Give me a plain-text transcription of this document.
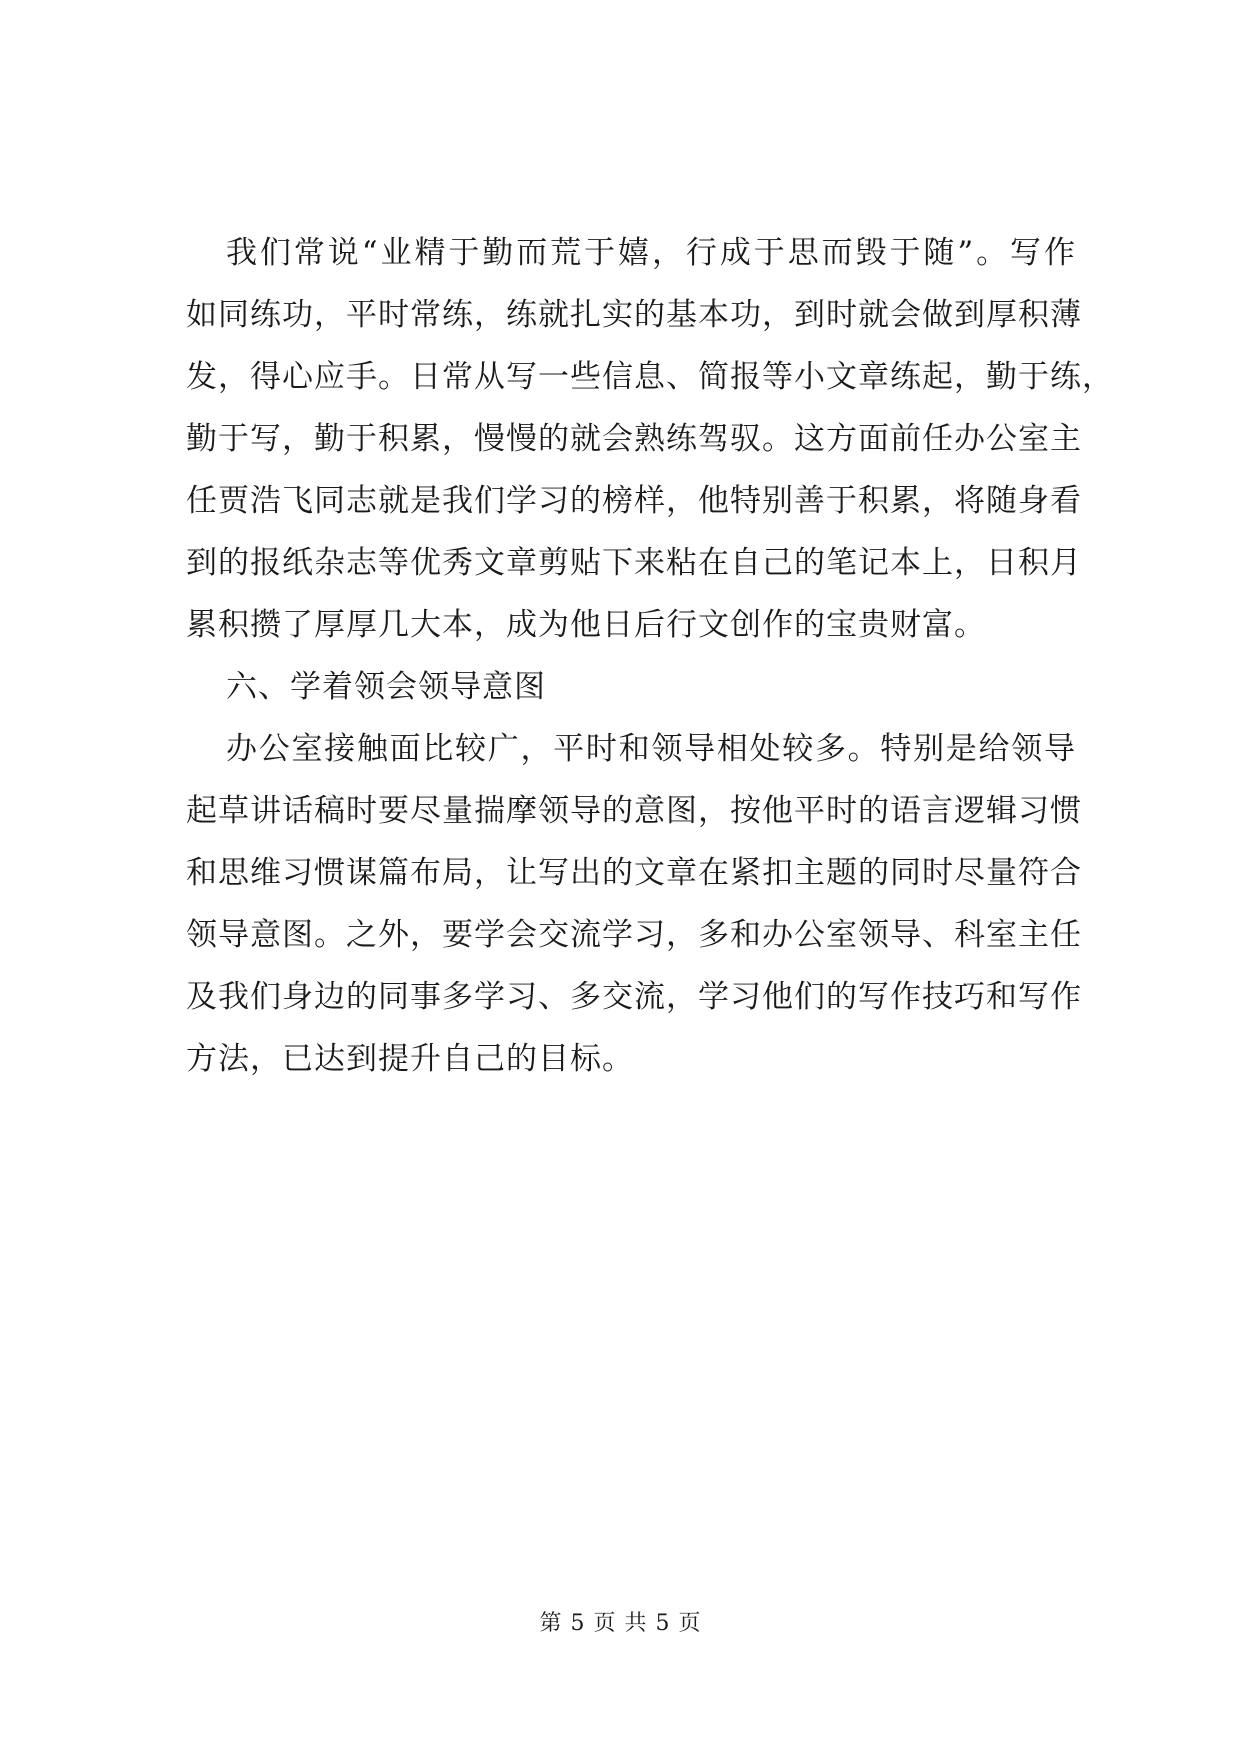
我们常说“业精于勤而荒于嬉，行成于思而毁于随”。写作
如同练功，平时常练，练就扎实的基本功，到时就会做到厚积薄
发，得心应手。日常从写一些信息、简报等小文章练起，勤于练，
勤于写，勤于积累，慢慢的就会熟练驾驭。这方面前任办公室主
任贾浩飞同志就是我们学习的榜样，他特别善于积累，将随身看
到的报纸杂志等优秀文章剪贴下来粘在自己的笔记本上，日积月
累积攒了厚厚几大本，成为他日后行文创作的宝贵财富。
六、学着领会领导意图
办公室接触面比较广，平时和领导相处较多。特别是给领导
起草讲话稿时要尽量揣摩领导的意图，按他平时的语言逻辑习惯
和思维习惯谋篇布局，让写出的文章在紧扣主题的同时尽量符合
领导意图。之外，要学会交流学习，多和办公室领导、科室主任
及我们身边的同事多学习、多交流，学习他们的写作技巧和写作
方法，已达到提升自己的目标。
第 5 页 共 5 页
